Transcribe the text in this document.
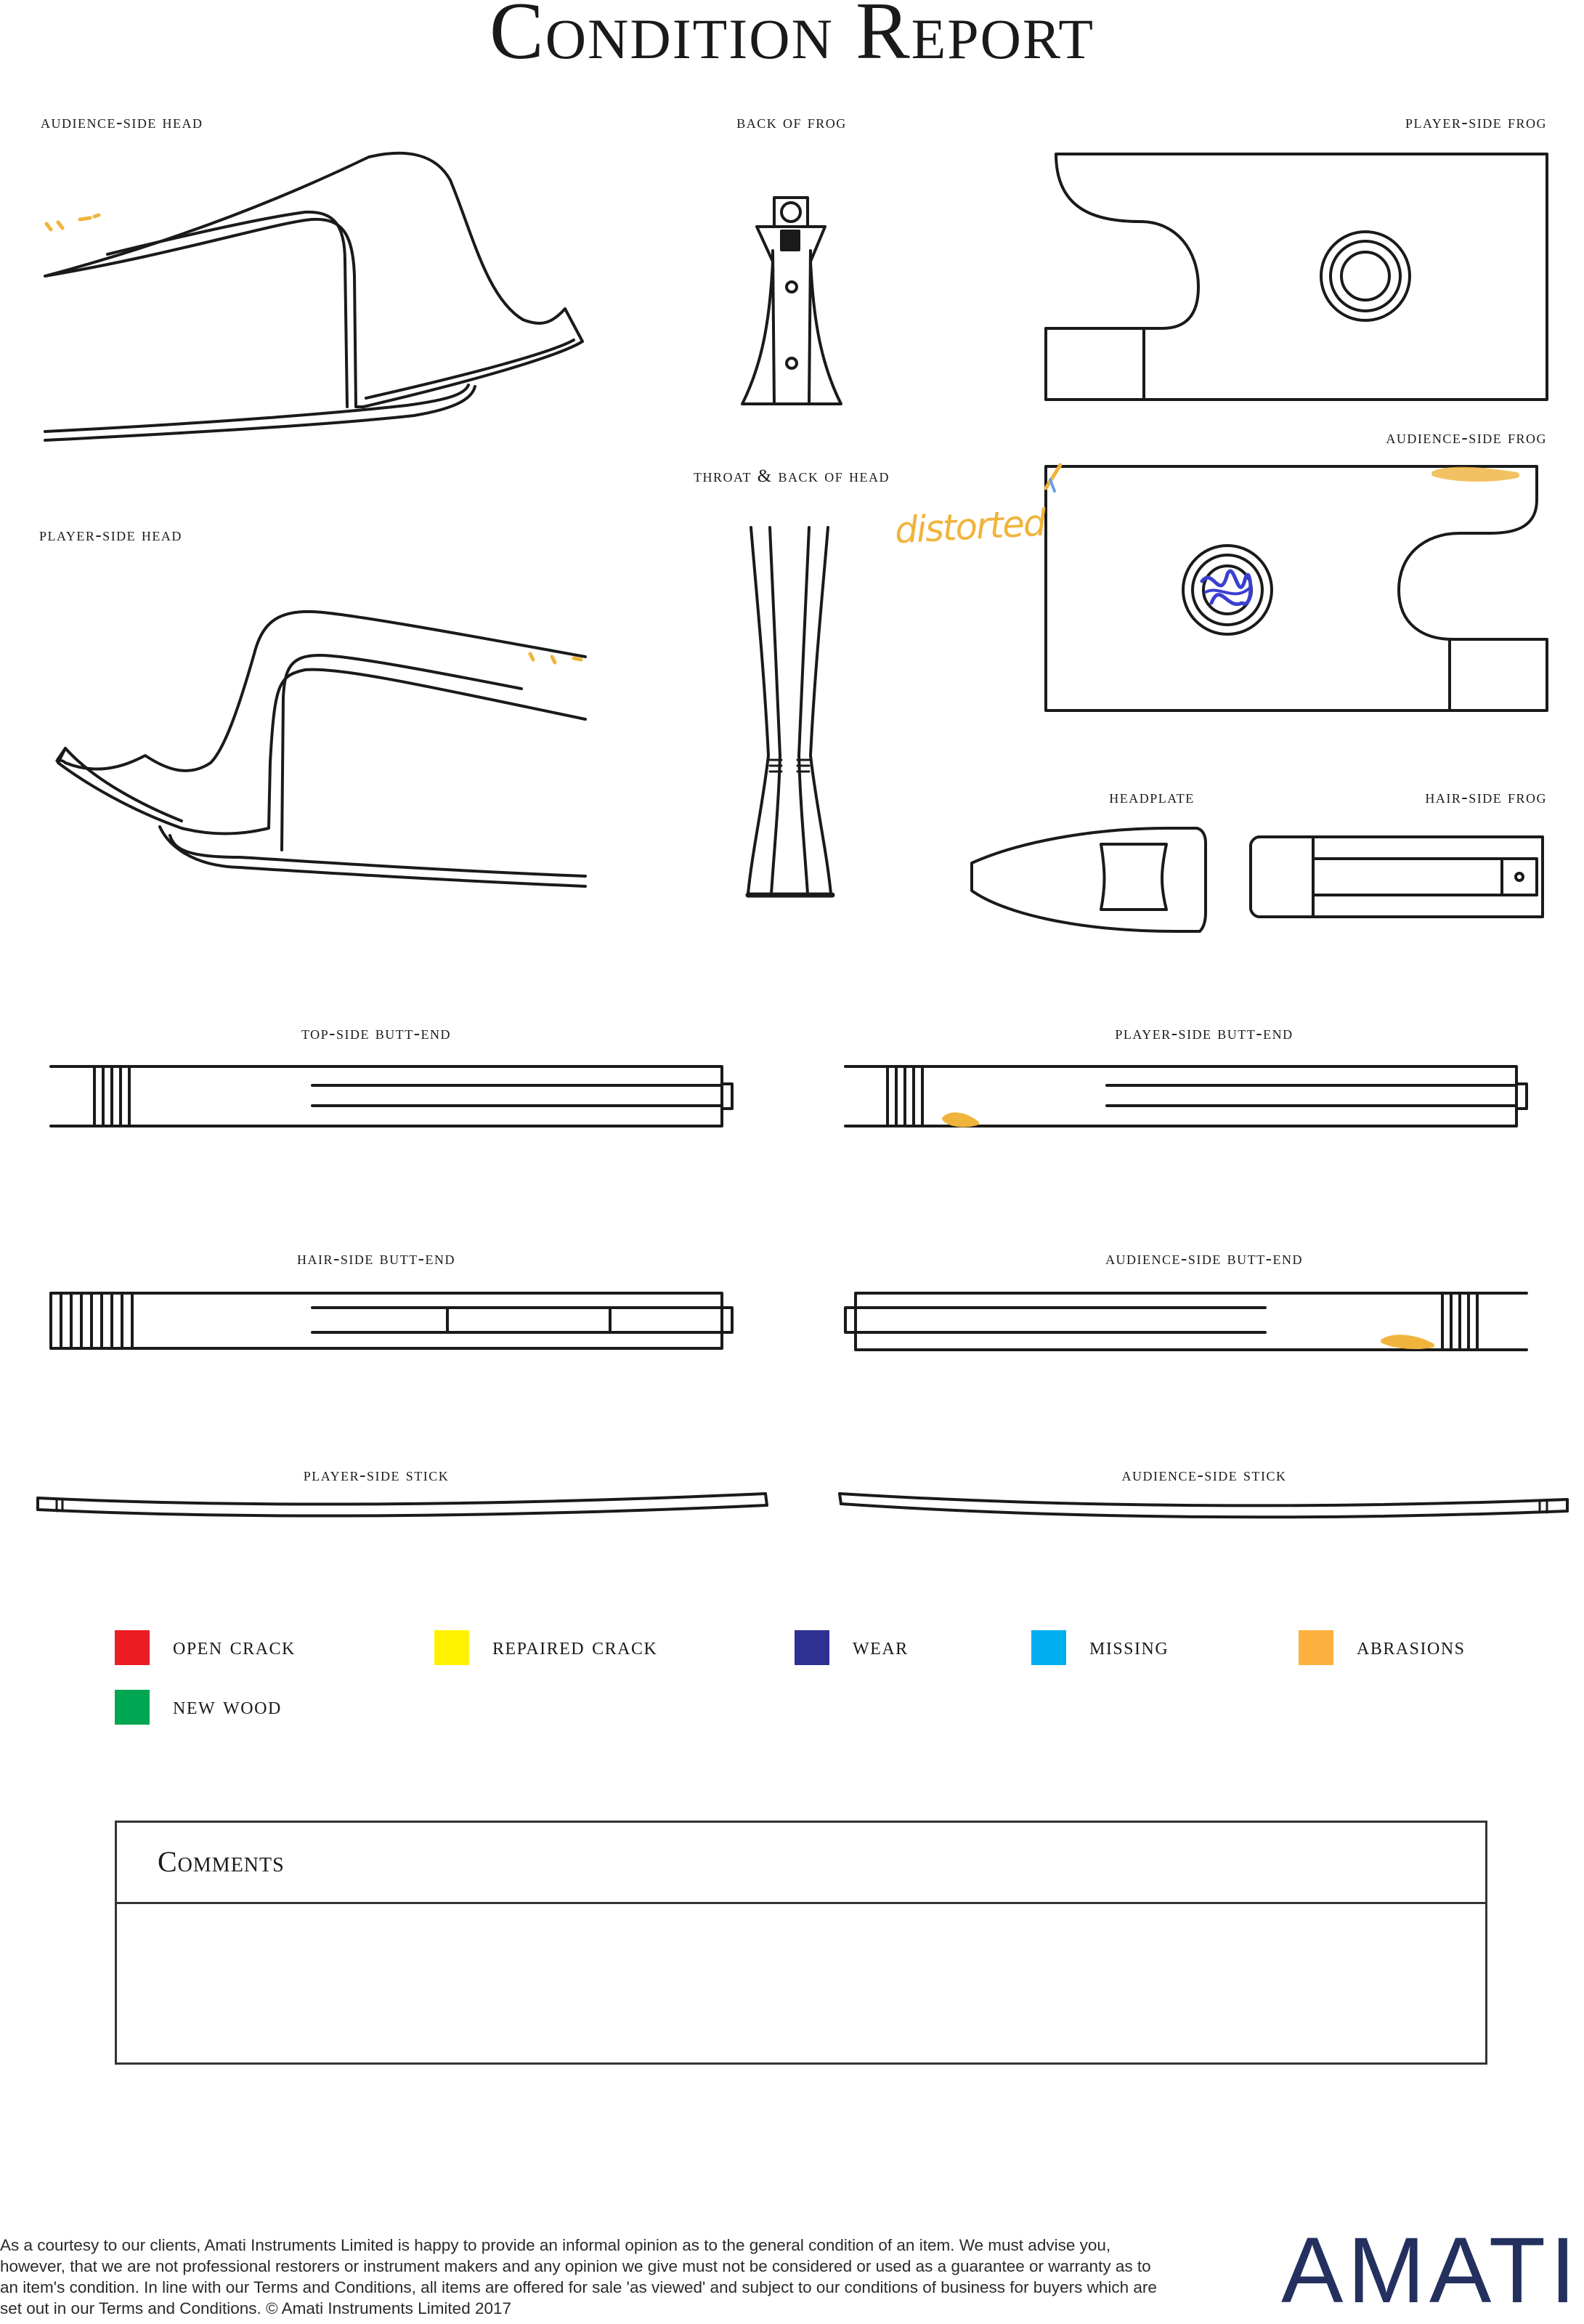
Condition Report
distorted
audience-side head	back of frog	player-side frog
audience-side frog
throat & back of head
player-side head
headplate	hair-side frog
top-side butt-end	player-side butt-end
hair-side butt-end	audience-side butt-end
player-side stick	audience-side stick
open crack	repaired crack	wear	missing	abrasions
new wood
Comments
As a courtesy to our clients, Amati Instruments Limited is happy to provide an informal opinion as to the general condition of an item. We must advise you, however, that we are not professional restorers or instrument makers and any opinion we give must not be considered or used as a guarantee or warranty as to an item's condition. In line with our Terms and Conditions, all items are offered for sale 'as viewed' and subject to our conditions of business for buyers which are set out in our Terms and Conditions. © Amati Instruments Limited 2017	AMATI
